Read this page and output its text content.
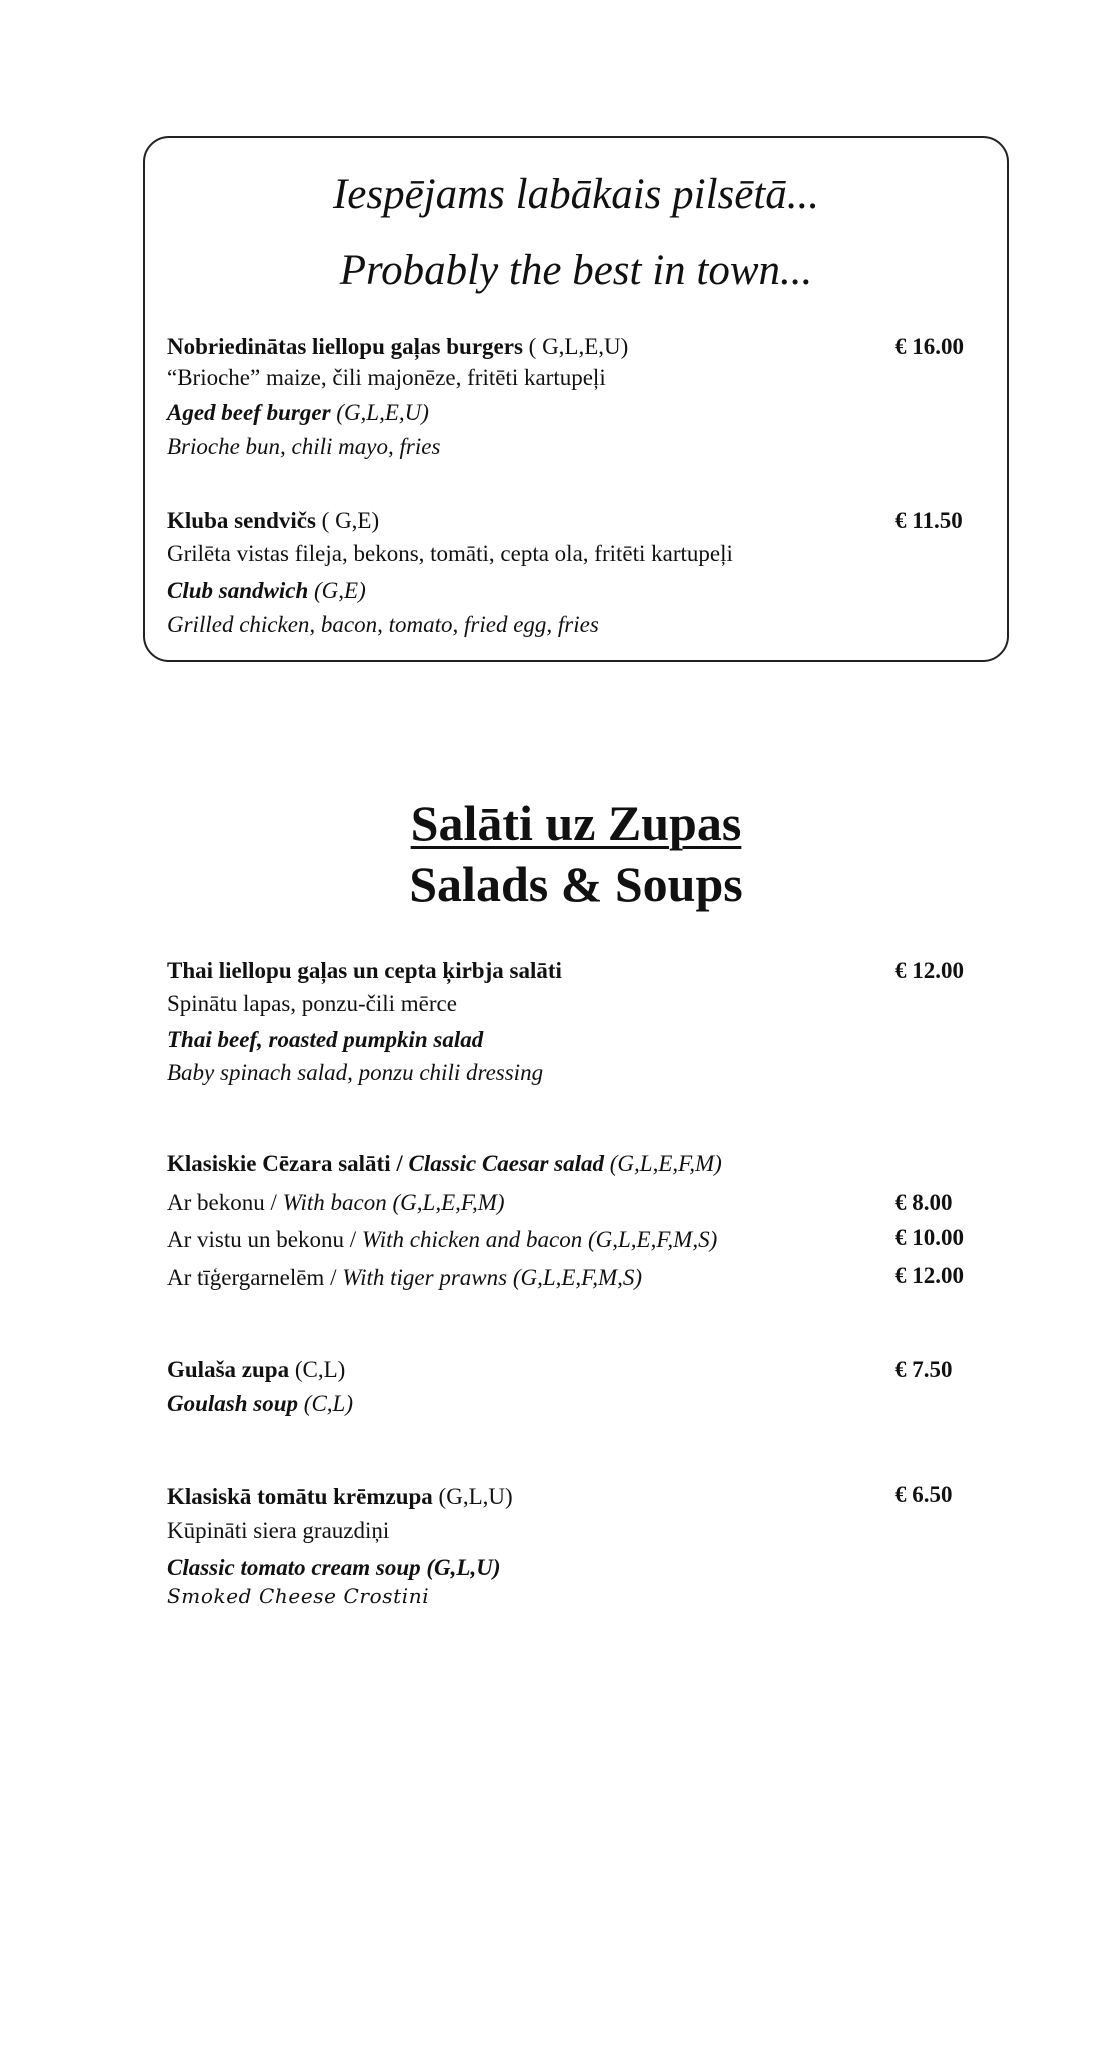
Iespējams labākais pilsētā...
Probably the best in town...
Nobriedinātas liellopu gaļas burgers ( G,L,E,U)	€ 16.00
“Brioche” maize, čili majonēze, fritēti kartupeļi
Aged beef burger (G,L,E,U)
Brioche bun, chili mayo, fries
Kluba sendvičs ( G,E)	€ 11.50
Grilēta vistas fileja, bekons, tomāti, cepta ola, fritēti kartupeļi
Club sandwich (G,E)
Grilled chicken, bacon, tomato, fried egg, fries
Salāti uz Zupas
Salads & Soups
Thai liellopu gaļas un cepta ķirbja salāti	€ 12.00
Spinātu lapas, ponzu-čili mērce
Thai beef, roasted pumpkin salad
Baby spinach salad, ponzu chili dressing
Klasiskie Cēzara salāti / Classic Caesar salad (G,L,E,F,M)
Ar bekonu / With bacon (G,L,E,F,M)	€ 8.00
Ar vistu un bekonu / With chicken and bacon (G,L,E,F,M,S)	€ 10.00
Ar tīģergarnelēm / With tiger prawns (G,L,E,F,M,S)	€ 12.00
Gulaša zupa (C,L)	€ 7.50
Goulash soup (C,L)
Klasiskā tomātu krēmzupa (G,L,U)	€ 6.50
Kūpināti siera grauzdiņi
Classic tomato cream soup (G,L,U)
Smoked Cheese Crostini
